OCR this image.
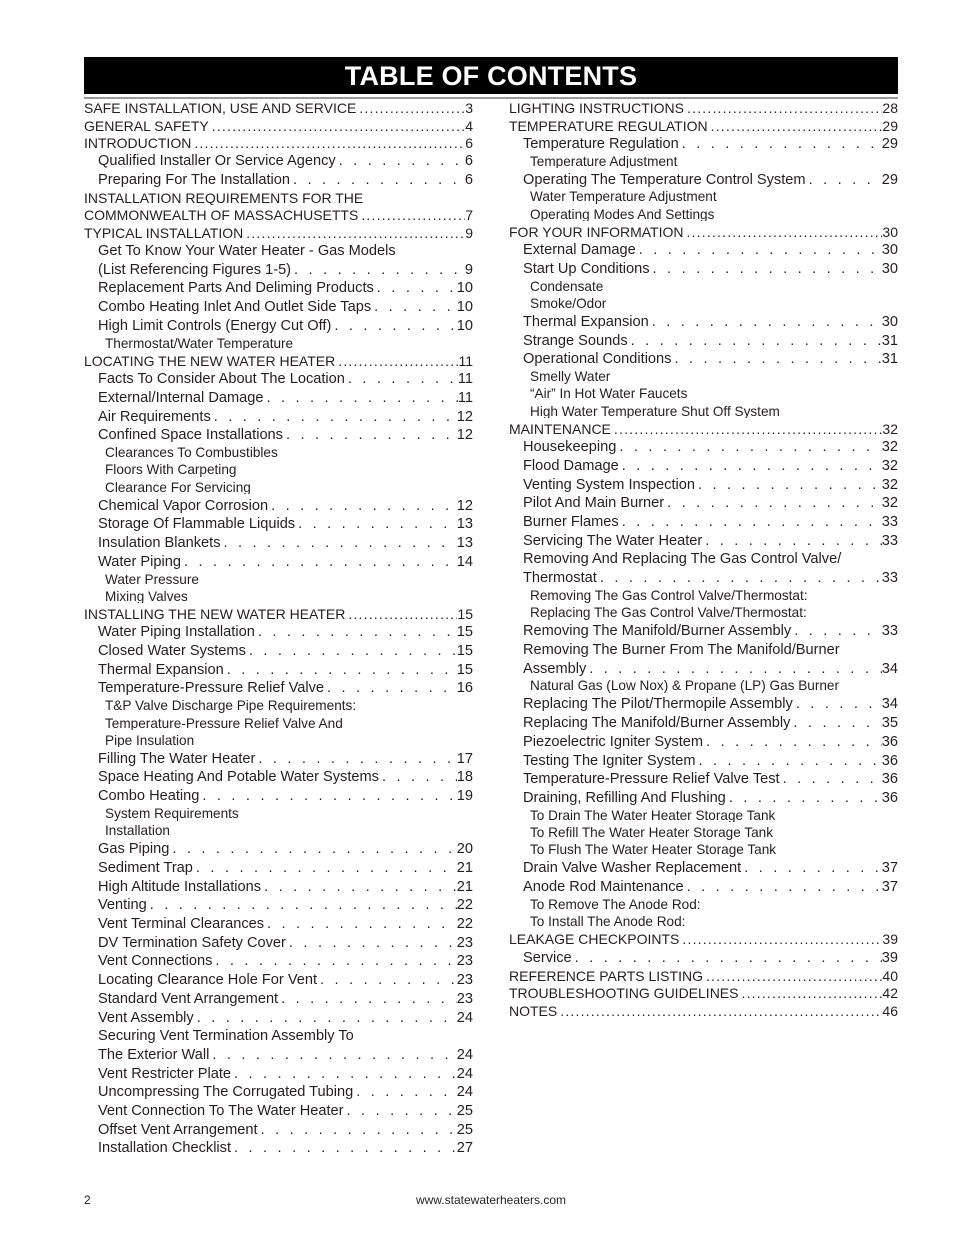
TABLE OF CONTENTS
SAFE INSTALLATION, USE AND SERVICE .....	3
GENERAL SAFETY .....	4
INTRODUCTION .....	6
Qualified Installer Or Service Agency . . .	6
Preparing For The Installation . . .	6
INSTALLATION REQUIREMENTS FOR THE
COMMONWEALTH OF MASSACHUSETTS .....	7
TYPICAL INSTALLATION .....	9
Get To Know Your Water Heater - Gas Models
(List Referencing Figures 1-5) . . .	9
Replacement Parts And Deliming Products . . .	10
Combo Heating Inlet And Outlet Side Taps . . .	10
High Limit Controls (Energy Cut Off) . . .	10
Thermostat/Water Temperature
LOCATING THE NEW WATER HEATER .....	11
Facts To Consider About The Location . . .	11
External/Internal Damage . . .	11
Air Requirements . . .	12
Confined Space Installations . . .	12
Clearances To Combustibles
Floors With Carpeting
Clearance For Servicing
Chemical Vapor Corrosion . . .	12
Storage Of Flammable Liquids . . .	13
Insulation Blankets . . .	13
Water Piping . . .	14
Water Pressure
Mixing Valves
INSTALLING THE NEW WATER HEATER .....	15
Water Piping Installation . . .	15
Closed Water Systems . . .	15
Thermal Expansion . . .	15
Temperature-Pressure Relief Valve . . .	16
T&P Valve Discharge Pipe Requirements:
Temperature-Pressure Relief Valve And
Pipe Insulation
Filling The Water Heater . . .	17
Space Heating And Potable Water Systems . . .	18
Combo Heating . . .	19
System Requirements
Installation
Gas Piping . . .	20
Sediment Trap . . .	21
High Altitude Installations . . .	21
Venting . . .	22
Vent Terminal Clearances . . .	22
DV Termination Safety Cover . . .	23
Vent Connections . . .	23
Locating Clearance Hole For Vent . . .	23
Standard Vent Arrangement . . .	23
Vent Assembly . . .	24
Securing Vent Termination Assembly To
The Exterior Wall . . .	24
Vent Restricter Plate . . .	24
Uncompressing The Corrugated Tubing . . .	24
Vent Connection To The Water Heater . . .	25
Offset Vent Arrangement . . .	25
Installation Checklist . . .	27
LIGHTING INSTRUCTIONS .....	28
TEMPERATURE REGULATION .....	29
Temperature Regulation . . .	29
Temperature Adjustment
Operating The Temperature Control System . . .	29
Water Temperature Adjustment
Operating Modes And Settings
FOR YOUR INFORMATION .....	30
External Damage . . .	30
Start Up Conditions . . .	30
Condensate
Smoke/Odor
Thermal Expansion . . .	30
Strange Sounds . . .	31
Operational Conditions . . .	31
Smelly Water
“Air” In Hot Water Faucets
High Water Temperature Shut Off System
MAINTENANCE .....	32
Housekeeping . . .	32
Flood Damage . . .	32
Venting System Inspection . . .	32
Pilot And Main Burner . . .	32
Burner Flames . . .	33
Servicing The Water Heater . . .	33
Removing And Replacing The Gas Control Valve/
Thermostat . . .	33
Removing The Gas Control Valve/Thermostat:
Replacing The Gas Control Valve/Thermostat:
Removing The Manifold/Burner Assembly . . .	33
Removing The Burner From The Manifold/Burner
Assembly . . .	34
Natural Gas (Low Nox) & Propane (LP) Gas Burner
Replacing The Pilot/Thermopile Assembly . . .	34
Replacing The Manifold/Burner Assembly . . .	35
Piezoelectric Igniter System . . .	36
Testing The Igniter System . . .	36
Temperature-Pressure Relief Valve Test . . .	36
Draining, Refilling And Flushing . . .	36
To Drain The Water Heater Storage Tank
To Refill The Water Heater Storage Tank
To Flush The Water Heater Storage Tank
Drain Valve Washer Replacement . . .	37
Anode Rod Maintenance . . .	37
To Remove The Anode Rod:
To Install The Anode Rod:
LEAKAGE CHECKPOINTS .....	39
Service . . .	39
REFERENCE PARTS LISTING .....	40
TROUBLESHOOTING GUIDELINES .....	42
NOTES .....	46
2	www.statewaterheaters.com
